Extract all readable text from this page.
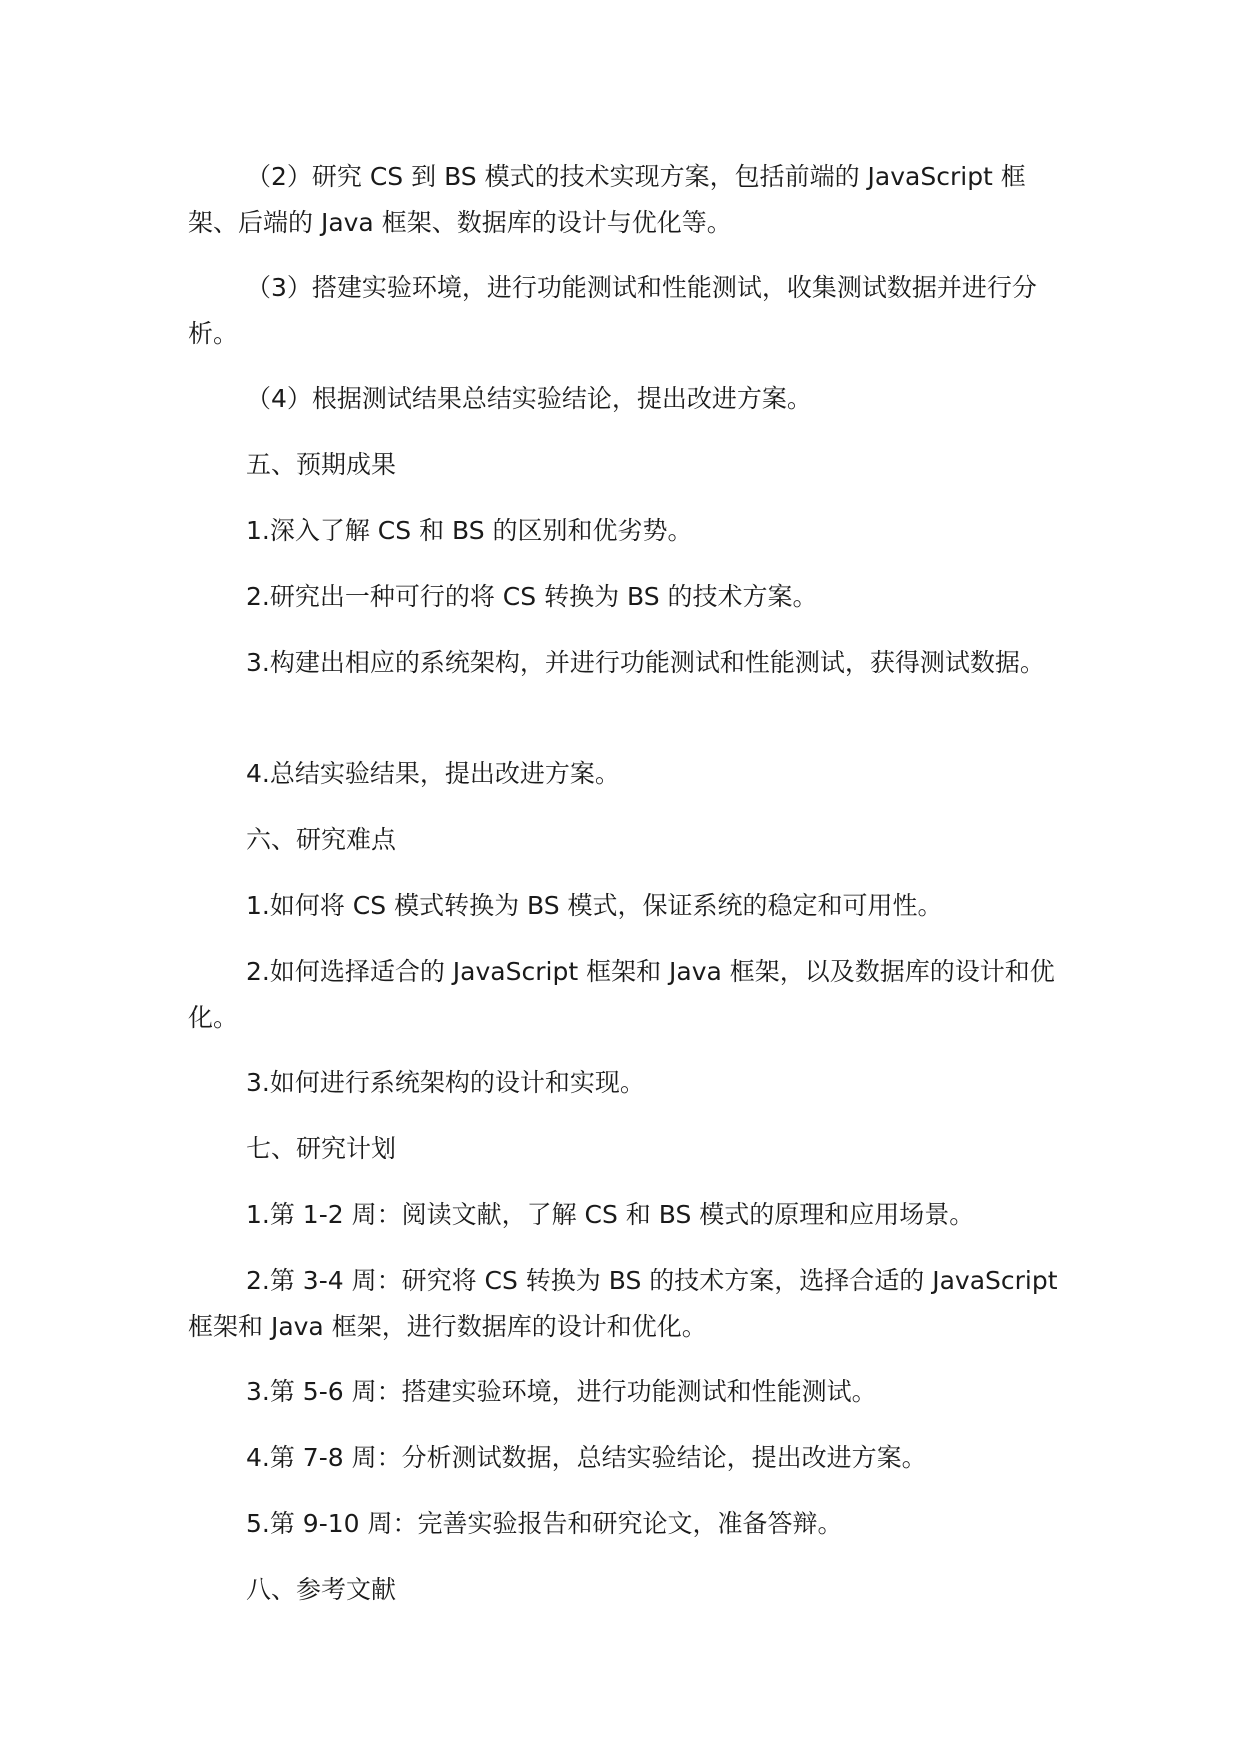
（2）研究 CS 到 BS 模式的技术实现方案，包括前端的 JavaScript 框架、后端的 Java 框架、数据库的设计与优化等。

（3）搭建实验环境，进行功能测试和性能测试，收集测试数据并进行分析。

（4）根据测试结果总结实验结论，提出改进方案。

五、预期成果

1.深入了解 CS 和 BS 的区别和优劣势。

2.研究出一种可行的将 CS 转换为 BS 的技术方案。

3.构建出相应的系统架构，并进行功能测试和性能测试，获得测试数据。

4.总结实验结果，提出改进方案。

六、研究难点

1.如何将 CS 模式转换为 BS 模式，保证系统的稳定和可用性。

2.如何选择适合的 JavaScript 框架和 Java 框架，以及数据库的设计和优化。

3.如何进行系统架构的设计和实现。

七、研究计划

1.第 1-2 周：阅读文献，了解 CS 和 BS 模式的原理和应用场景。

2.第 3-4 周：研究将 CS 转换为 BS 的技术方案，选择合适的 JavaScript 框架和 Java 框架，进行数据库的设计和优化。

3.第 5-6 周：搭建实验环境，进行功能测试和性能测试。

4.第 7-8 周：分析测试数据，总结实验结论，提出改进方案。

5.第 9-10 周：完善实验报告和研究论文，准备答辩。

八、参考文献
